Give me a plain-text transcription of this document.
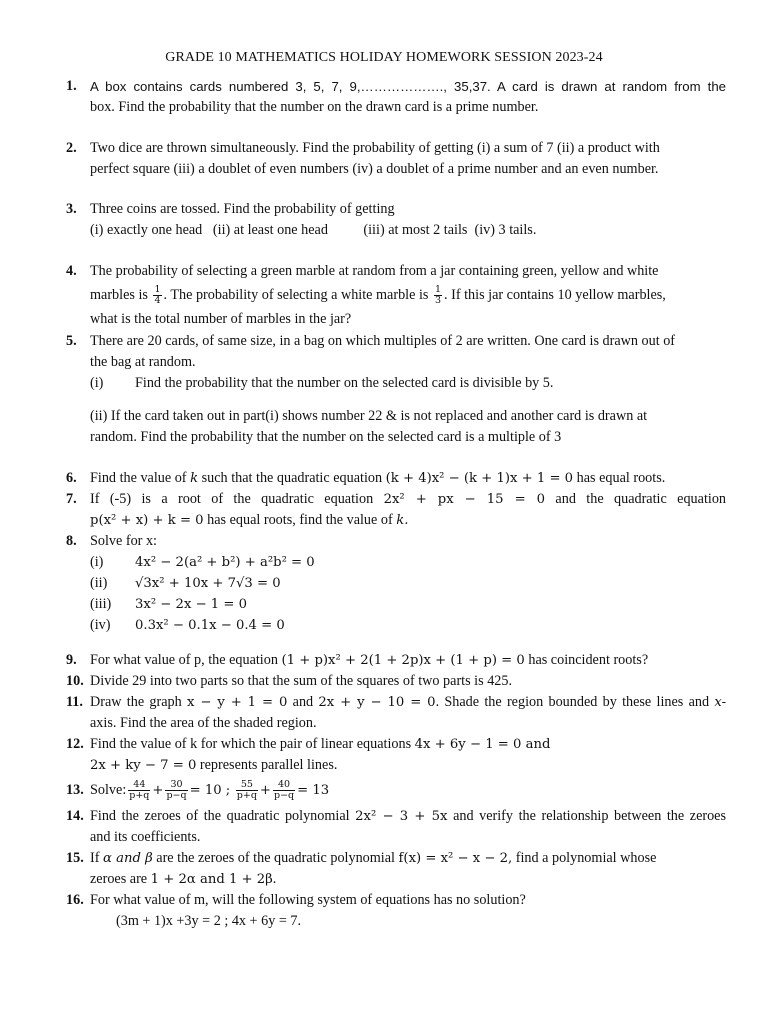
GRADE 10 MATHEMATICS HOLIDAY HOMEWORK SESSION 2023-24
1. A box contains cards numbered 3, 5, 7, 9,………………., 35,37. A card is drawn at random from the
box. Find the probability that the number on the drawn card is a prime number.
2. Two dice are thrown simultaneously. Find the probability of getting (i) a sum of 7 (ii) a product with
perfect square (iii) a doublet of even numbers (iv) a doublet of a prime number and an even number.
3. Three coins are tossed. Find the probability of getting
(i) exactly one head   (ii) at least one head          (iii) at most 2 tails  (iv) 3 tails.
4. The probability of selecting a green marble at random from a jar containing green, yellow and white
marbles is $\frac{1}{4}$ . The probability of selecting a white marble is $\frac{1}{3}$ . If this jar contains 10 yellow marbles,
what is the total number of marbles in the jar?
5. There are 20 cards, of same size, in a bag on which multiples of 2 are written. One card is drawn out of
the bag at random.
(i)	Find the probability that the number on the selected card is divisible by 5.
(ii) If the card taken out in part(i) shows number 22 & is not replaced and another card is drawn at
random. Find the probability that the number on the selected card is a multiple of 3
6. Find the value of k such that the quadratic equation (k + 4)x² − (k + 1)x + 1 = 0 has equal roots.
7. If (-5) is a root of the quadratic equation 2x² + px − 15 = 0 and the quadratic equation
p(x² + x) + k = 0 has equal roots, find the value of k.
8. Solve for x:
(i)	4x² − 2(a² + b²) + a²b² = 0
(ii)	√3x² + 10x + 7√3 = 0
(iii)	3x² − 2x − 1 = 0
(iv)	0.3x² − 0.1x − 0.4 = 0
9. For what value of p, the equation (1 + p)x² + 2(1 + 2p)x + (1 + p) = 0 has coincident roots?
10. Divide 29 into two parts so that the sum of the squares of two parts is 425.
11. Draw the graph x − y + 1 = 0 and 2x + y − 10 = 0. Shade the region bounded by these lines and x-
axis. Find the area of the shaded region.
12. Find the value of k for which the pair of linear equations 4x + 6y − 1 = 0 and
2x + ky − 7 = 0 represents parallel lines.
13. Solve: $\frac{44}{p+q} + \frac{30}{p-q} = 10$ ; $\frac{55}{p+q} + \frac{40}{p-q} = 13$
14. Find the zeroes of the quadratic polynomial 2x² − 3 + 5x and verify the relationship between the zeroes
and its coefficients.
15. If α and β are the zeroes of the quadratic polynomial f(x) = x² − x − 2, find a polynomial whose
zeroes are 1 + 2α and 1 + 2β.
16. For what value of m, will the following system of equations has no solution?
(3m + 1)x +3y = 2 ; 4x + 6y = 7.
